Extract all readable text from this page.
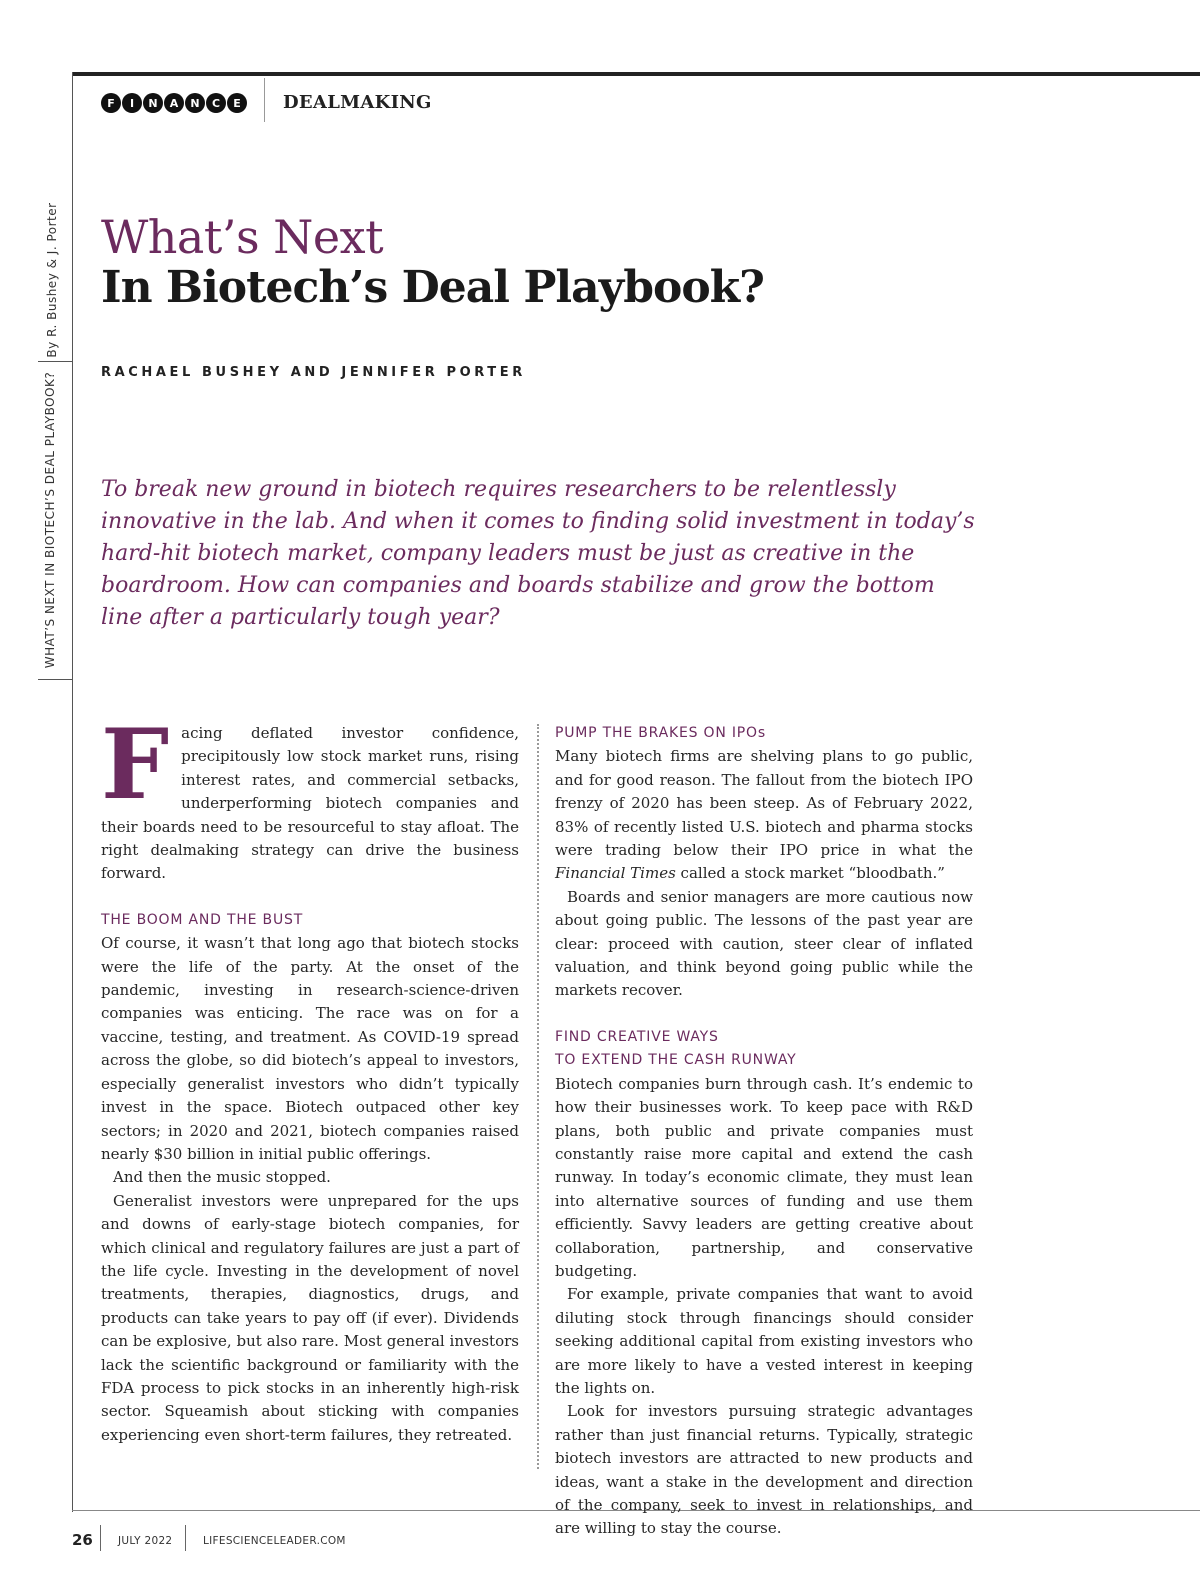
F	I	N	A	N	C	E	DEALMAKING
By R. Bushey & J. Porter
WHAT’S NEXT IN BIOTECH’S DEAL PLAYBOOK?
What’s Next
In Biotech’s Deal Playbook?
RACHAEL BUSHEY AND JENNIFER PORTER
To break new ground in biotech requires researchers to be relentlessly innovative in the lab. And when it comes to finding solid investment in today’s hard-hit biotech market, company leaders must be just as creative in the boardroom. How can companies and boards stabilize and grow the bottom line after a particularly tough year?

Facing deflated investor confidence, precipitously low stock market runs, rising interest rates, and commercial setbacks, underperforming biotech companies and their boards need to be resourceful to stay afloat. The right dealmaking strategy can drive the business forward.

THE BOOM AND THE BUST

Of course, it wasn’t that long ago that biotech stocks were the life of the party. At the onset of the pandemic, investing in research-science-driven companies was enticing. The race was on for a vaccine, testing, and treatment. As COVID-19 spread across the globe, so did biotech’s appeal to investors, especially generalist investors who didn’t typically invest in the space. Biotech outpaced other key sectors; in 2020 and 2021, biotech companies raised nearly $30 billion in initial public offerings.

And then the music stopped.

Generalist investors were unprepared for the ups and downs of early-stage biotech companies, for which clinical and regulatory failures are just a part of the life cycle. Investing in the development of novel treatments, therapies, diagnostics, drugs, and products can take years to pay off (if ever). Dividends can be explosive, but also rare. Most general investors lack the scientific background or familiarity with the FDA process to pick stocks in an inherently high-risk sector. Squeamish about sticking with companies experiencing even short-term failures, they retreated.

PUMP THE BRAKES ON IPOs

Many biotech firms are shelving plans to go public, and for good reason. The fallout from the biotech IPO frenzy of 2020 has been steep. As of February 2022, 83% of recently listed U.S. biotech and pharma stocks were trading below their IPO price in what the Financial Times called a stock market “bloodbath.”

Boards and senior managers are more cautious now about going public. The lessons of the past year are clear: proceed with caution, steer clear of inflated valuation, and think beyond going public while the markets recover.

FIND CREATIVE WAYS
TO EXTEND THE CASH RUNWAY

Biotech companies burn through cash. It’s endemic to how their businesses work. To keep pace with R&D plans, both public and private companies must constantly raise more capital and extend the cash runway. In today’s economic climate, they must lean into alternative sources of funding and use them efficiently. Savvy leaders are getting creative about collaboration, partnership, and conservative budgeting.

For example, private companies that want to avoid diluting stock through financings should consider seeking additional capital from existing investors who are more likely to have a vested interest in keeping the lights on.

Look for investors pursuing strategic advantages rather than just financial returns. Typically, strategic biotech investors are attracted to new products and ideas, want a stake in the development and direction of the company, seek to invest in relationships, and are willing to stay the course.

26 JULY 2022	LIFESCIENCELEADER.COM
